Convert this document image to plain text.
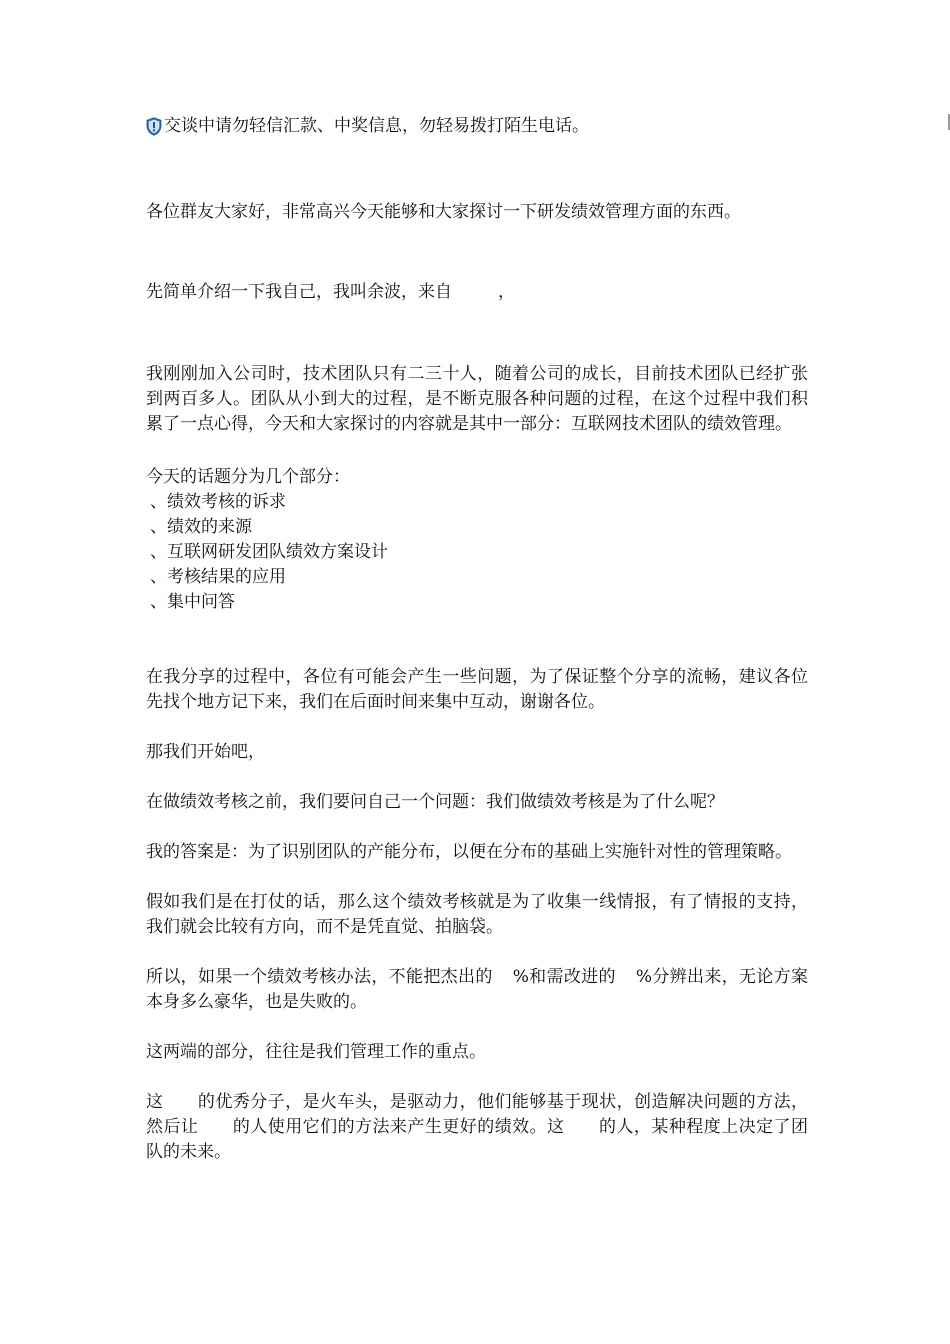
交谈中请勿轻信汇款、中奖信息，勿轻易拨打陌生电话。

各位群友大家好，非常高兴今天能够和大家探讨一下研发绩效管理方面的东西。

先简单介绍一下我自己，我叫余波，来自	，

我刚刚加入公司时，技术团队只有二三十人，随着公司的成长，目前技术团队已经扩张到两百多人。团队从小到大的过程，是不断克服各种问题的过程，在这个过程中我们积累了一点心得，今天和大家探讨的内容就是其中一部分：互联网技术团队的绩效管理。

今天的话题分为几个部分：

、绩效考核的诉求
、绩效的来源
、互联网研发团队绩效方案设计
、考核结果的应用
、集中问答

在我分享的过程中，各位有可能会产生一些问题，为了保证整个分享的流畅，建议各位先找个地方记下来，我们在后面时间来集中互动，谢谢各位。

那我们开始吧，

在做绩效考核之前，我们要问自己一个问题：我们做绩效考核是为了什么呢？

我的答案是：为了识别团队的产能分布，以便在分布的基础上实施针对性的管理策略。

假如我们是在打仗的话，那么这个绩效考核就是为了收集一线情报，有了情报的支持，我们就会比较有方向，而不是凭直觉、拍脑袋。

所以，如果一个绩效考核办法，不能把杰出的 %和需改进的 %分辨出来，无论方案本身多么豪华，也是失败的。

这两端的部分，往往是我们管理工作的重点。

这 的优秀分子，是火车头，是驱动力，他们能够基于现状，创造解决问题的方法，然后让 的人使用它们的方法来产生更好的绩效。这 的人，某种程度上决定了团队的未来。
